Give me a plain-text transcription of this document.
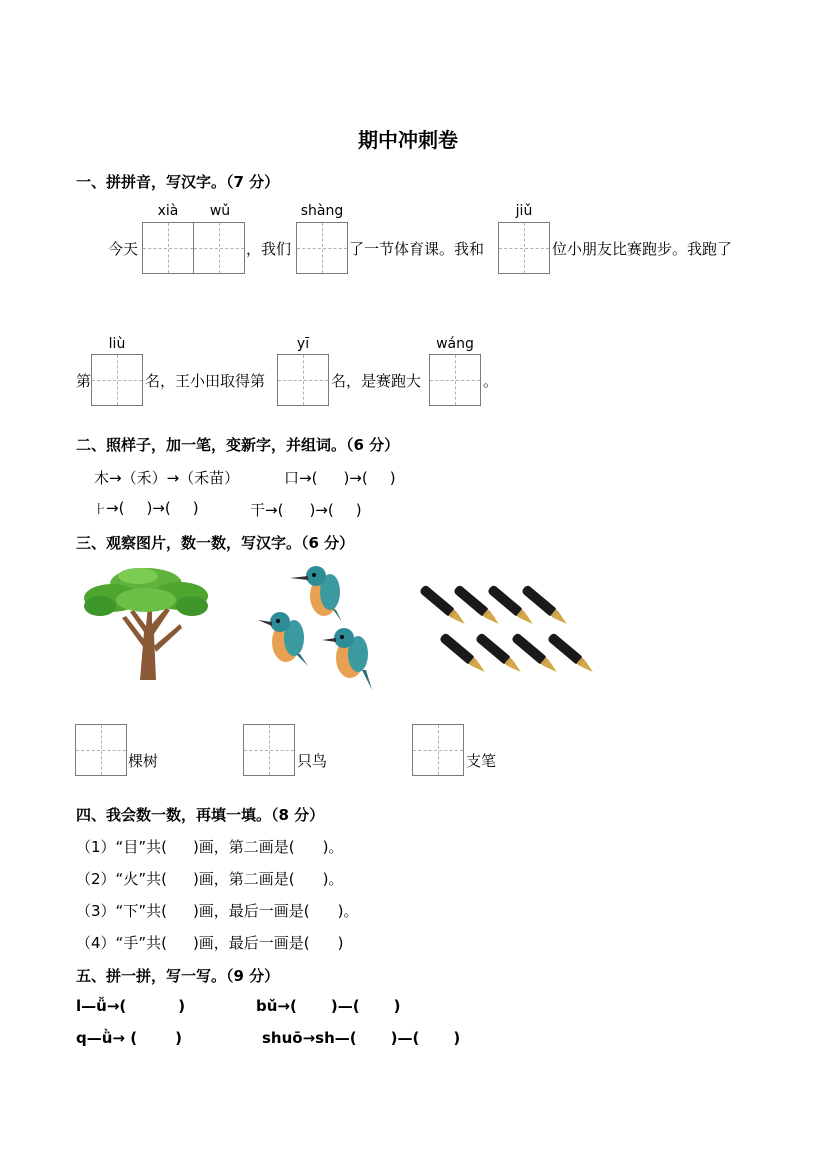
期中冲刺卷
一、拼拼音，写汉字。（7 分）
xià	wǔ	shàng	jiǔ
今天	，我们	了一节体育课。我和	位小朋友比赛跑步。我跑了
liù	yī	wáng
第	名，王小田取得第	名，是赛跑大	。
二、照样子，加一笔，变新字，并组词。（6 分）
木→（禾）→（禾苗）	口→( )→( )
⺊→( )→( )	干→( )→( )
三、观察图片，数一数，写汉字。（6 分）
棵树	只鸟	支笔
四、我会数一数，再填一填。（8 分）
（1）“目”共( )画，第二画是( )。
（2）“火”共( )画，第二画是( )。
（3）“下”共( )画，最后一画是( )。
（4）“手”共( )画，最后一画是( )
五、拼一拼，写一写。（9 分）
l—ǚ→(	)	bǔ→( )—( )
q—ǜ→ (	)	shuō→sh—( )—( )
